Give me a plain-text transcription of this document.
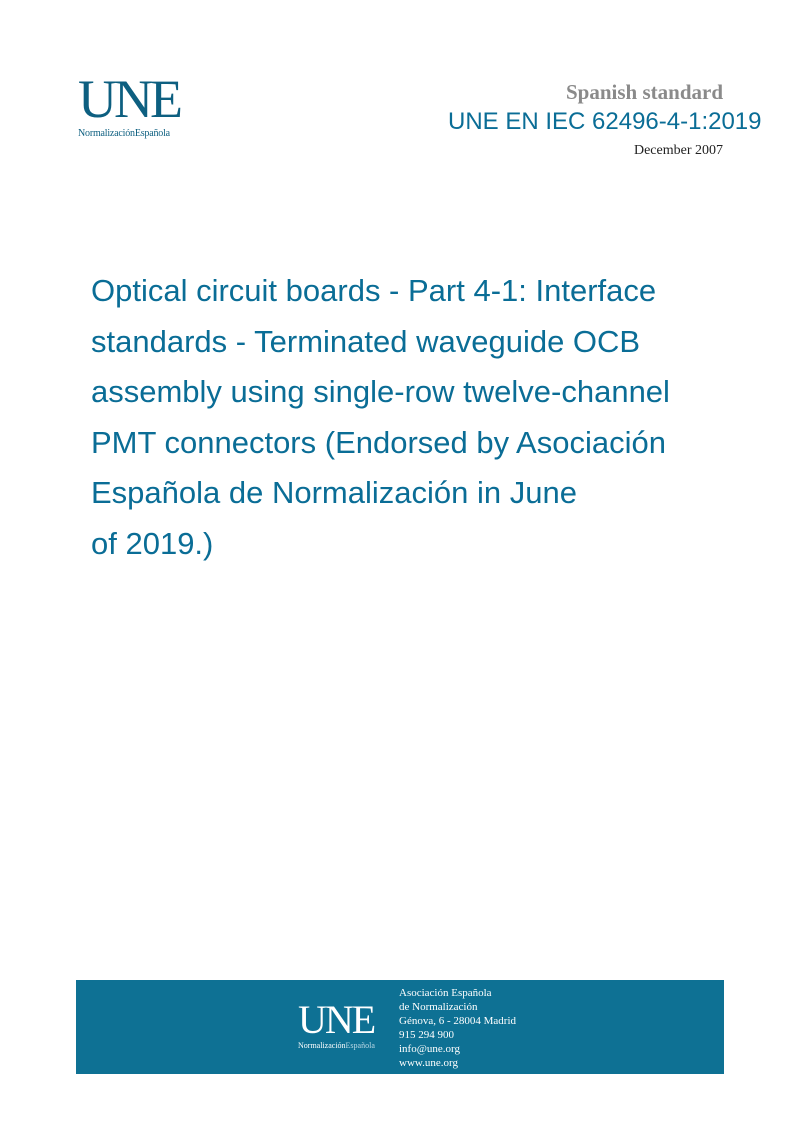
UNE
NormalizaciónEspañola
Spanish standard
UNE EN IEC 62496-4-1:2019
December 2007
Optical circuit boards - Part 4-1: Interface
standards - Terminated waveguide OCB
assembly using single-row twelve-channel
PMT connectors (Endorsed by Asociación
Española de Normalización in June
of 2019.)
UNE
NormalizaciónEspañola
Asociación Española
de Normalización
Génova, 6 - 28004 Madrid
915 294 900
info@une.org
www.une.org
